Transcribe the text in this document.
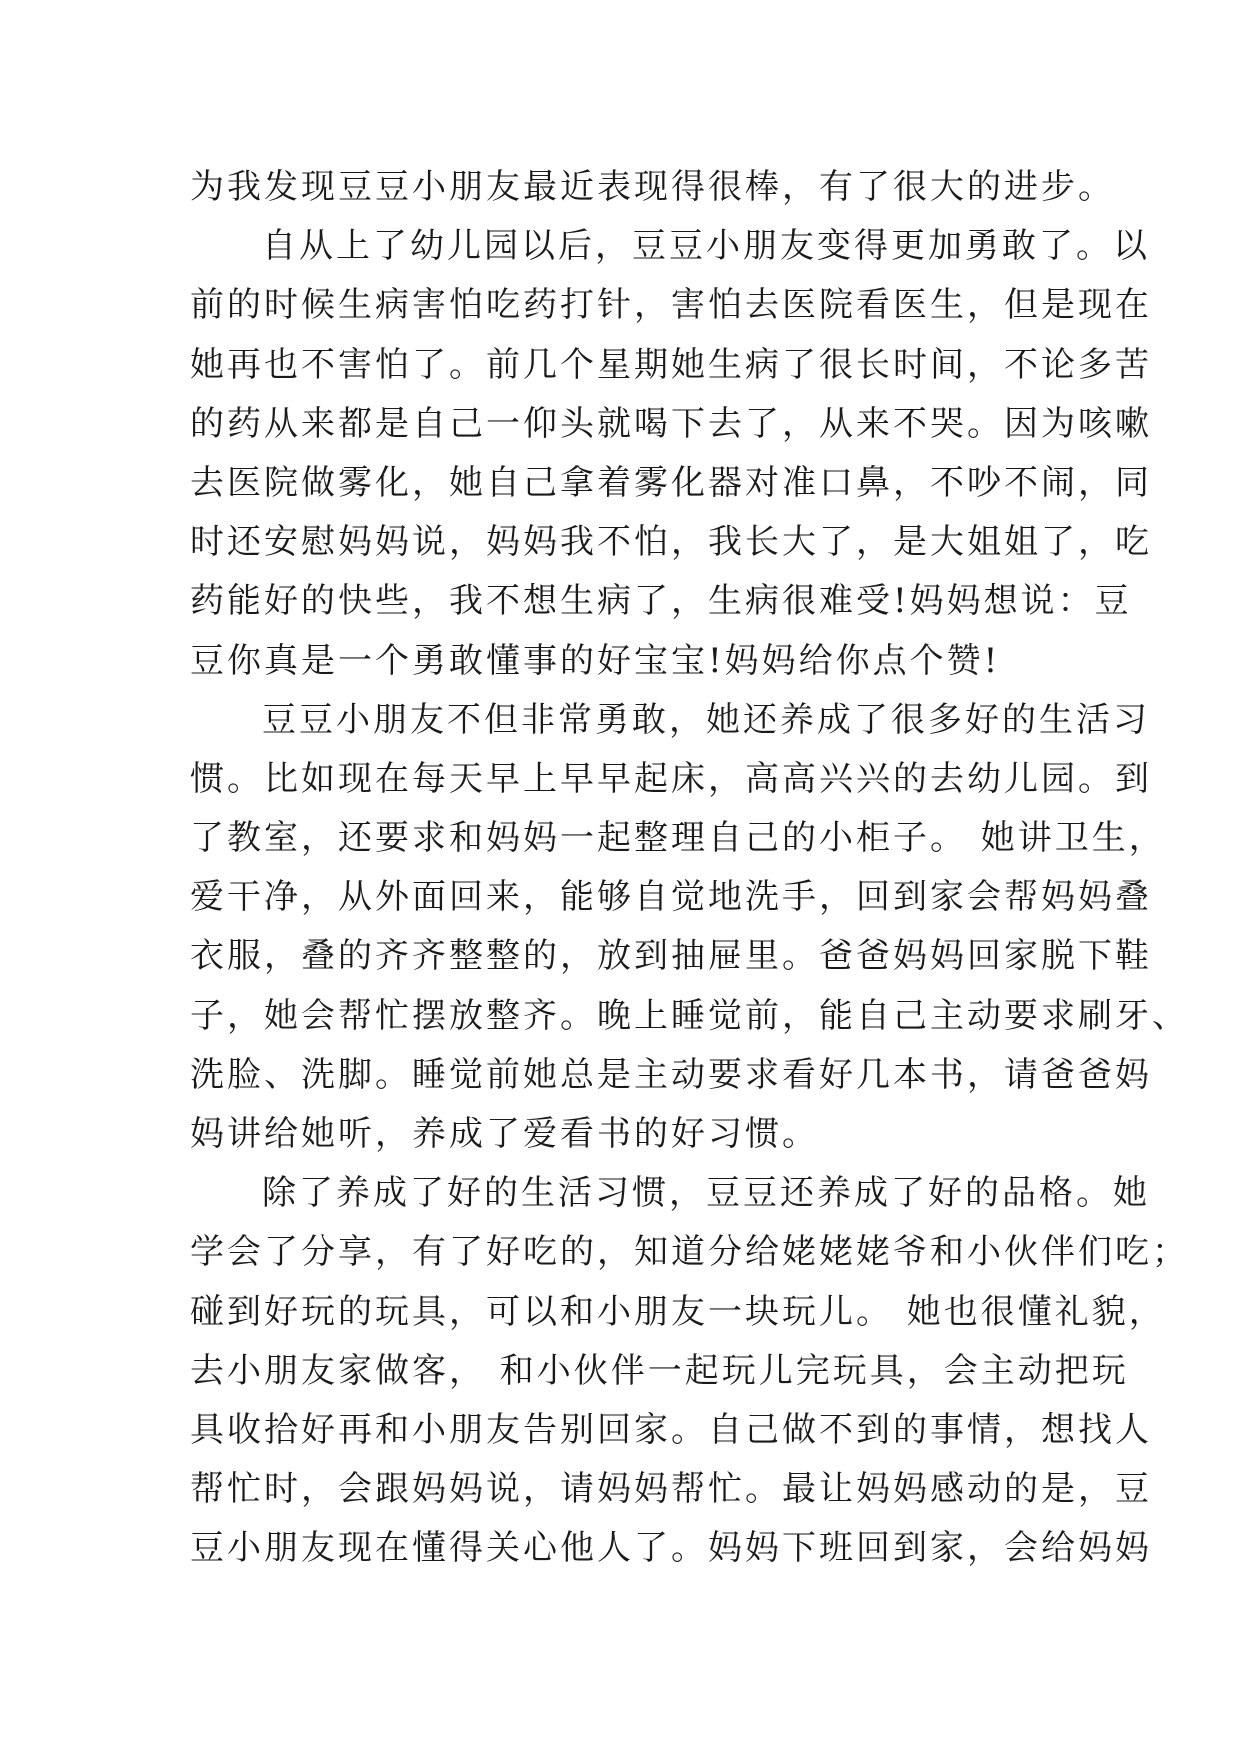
为我发现豆豆小朋友最近表现得很棒，有了很大的进步。
自从上了幼儿园以后，豆豆小朋友变得更加勇敢了。以
前的时候生病害怕吃药打针，害怕去医院看医生，但是现在
她再也不害怕了。前几个星期她生病了很长时间，不论多苦
的药从来都是自己一仰头就喝下去了，从来不哭。因为咳嗽
去医院做雾化，她自己拿着雾化器对准口鼻，不吵不闹，同
时还安慰妈妈说，妈妈我不怕，我长大了，是大姐姐了，吃
药能好的快些，我不想生病了，生病很难受!妈妈想说：豆
豆你真是一个勇敢懂事的好宝宝!妈妈给你点个赞!
豆豆小朋友不但非常勇敢，她还养成了很多好的生活习
惯。比如现在每天早上早早起床，高高兴兴的去幼儿园。到
了教室，还要求和妈妈一起整理自己的小柜子。 她讲卫生，
爱干净，从外面回来，能够自觉地洗手，回到家会帮妈妈叠
衣服，叠的齐齐整整的，放到抽屉里。爸爸妈妈回家脱下鞋
子，她会帮忙摆放整齐。晚上睡觉前，能自己主动要求刷牙、
洗脸、洗脚。睡觉前她总是主动要求看好几本书，请爸爸妈
妈讲给她听，养成了爱看书的好习惯。
除了养成了好的生活习惯，豆豆还养成了好的品格。她
学会了分享，有了好吃的，知道分给姥姥姥爷和小伙伴们吃；
碰到好玩的玩具，可以和小朋友一块玩儿。 她也很懂礼貌，
去小朋友家做客， 和小伙伴一起玩儿完玩具，会主动把玩
具收拾好再和小朋友告别回家。自己做不到的事情，想找人
帮忙时，会跟妈妈说，请妈妈帮忙。最让妈妈感动的是，豆
豆小朋友现在懂得关心他人了。妈妈下班回到家，会给妈妈
